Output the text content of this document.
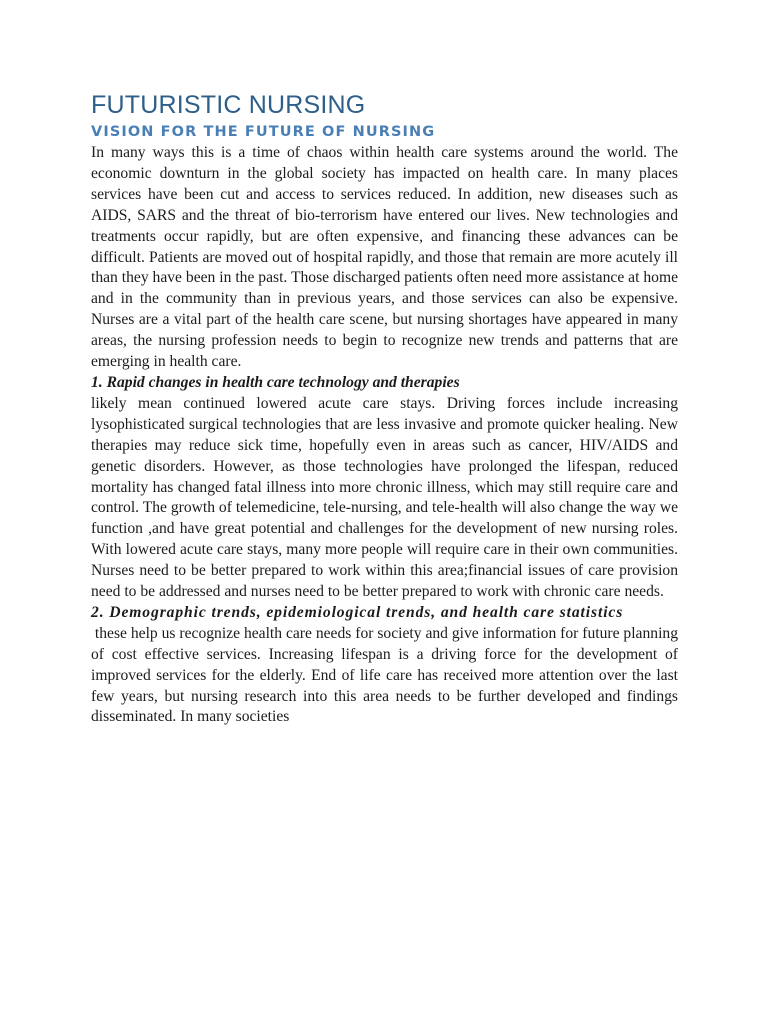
FUTURISTIC NURSING
VISION FOR THE FUTURE OF NURSING

In many ways this is a time of chaos within health care systems around the world. The economic downturn in the global society has impacted on health care. In many places services have been cut and access to services reduced. In addition, new diseases such as AIDS, SARS and the threat of bio-terrorism have entered our lives. New technologies and treatments occur rapidly, but are often expensive, and financing these advances can be difficult. Patients are moved out of hospital rapidly, and those that remain are more acutely ill than they have been in the past. Those discharged patients often need more assistance at home and in the community than in previous years, and those services can also be expensive. Nurses are a vital part of the health care scene, but nursing shortages have appeared in many areas, the nursing profession needs to begin to recognize new trends and patterns that are emerging in health care.

1. Rapid changes in health care technology and therapies

likely mean continued lowered acute care stays. Driving forces include increasing lysophisticated surgical technologies that are less invasive and promote quicker healing. New therapies may reduce sick time, hopefully even in areas such as cancer, HIV/AIDS and genetic disorders. However, as those technologies have prolonged the lifespan, reduced mortality has changed fatal illness into more chronic illness, which may still require care and control. The growth of telemedicine, tele-nursing, and tele-health will also change the way we function ,and have great potential and challenges for the development of new nursing roles. With lowered acute care stays, many more people will require care in their own communities. Nurses need to be better prepared to work within this area;financial issues of care provision need to be addressed and nurses need to be better prepared to work with chronic care needs.

2. Demographic trends, epidemiological trends, and health care statistics

these help us recognize health care needs for society and give information for future planning of cost effective services. Increasing lifespan is a driving force for the development of improved services for the elderly. End of life care has received more attention over the last few years, but nursing research into this area needs to be further developed and findings disseminated. In many societies
